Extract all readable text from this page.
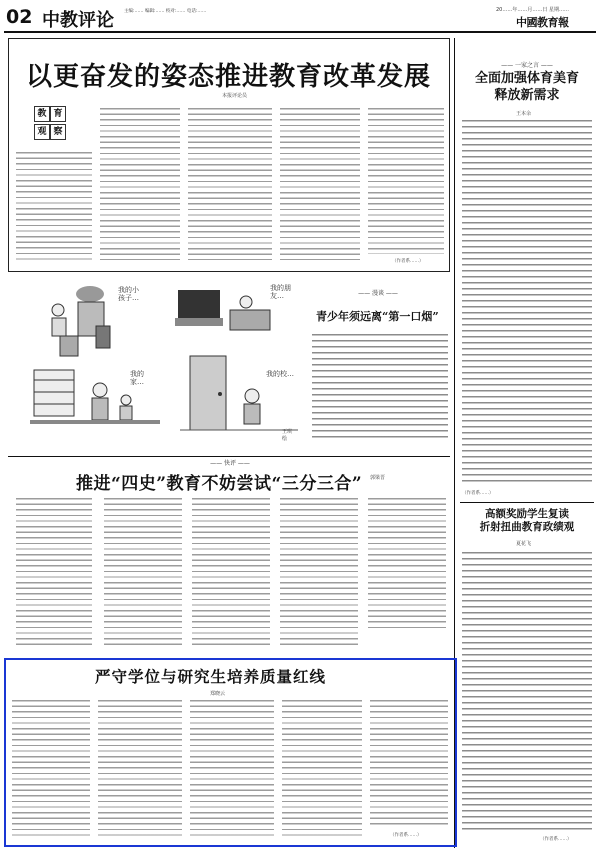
02 中教评论 主编:…… 编辑:…… 校对:…… 电话:……	20……年……月……日 星期……
中國教育報
以更奋发的姿态推进教育改革发展
本报评论员
教 育
观 察
（作者系……）
—— 一家之言 ——
全面加强体育美育
释放新需求
王本余
（作者系……）
高额奖励学生复读
折射扭曲教育政绩观
夏花飞
（作者系……）
我的小孩子…
我的朋友…
我的家…
我的校…
王琪 绘
—— 漫谈 ——
青少年须远离“第一口烟”
—— 快评 ——
推进“四史”教育不妨尝试“三分三合” 郭梁晋
严守学位与研究生培养质量红线
郑晓云
（作者系……）
